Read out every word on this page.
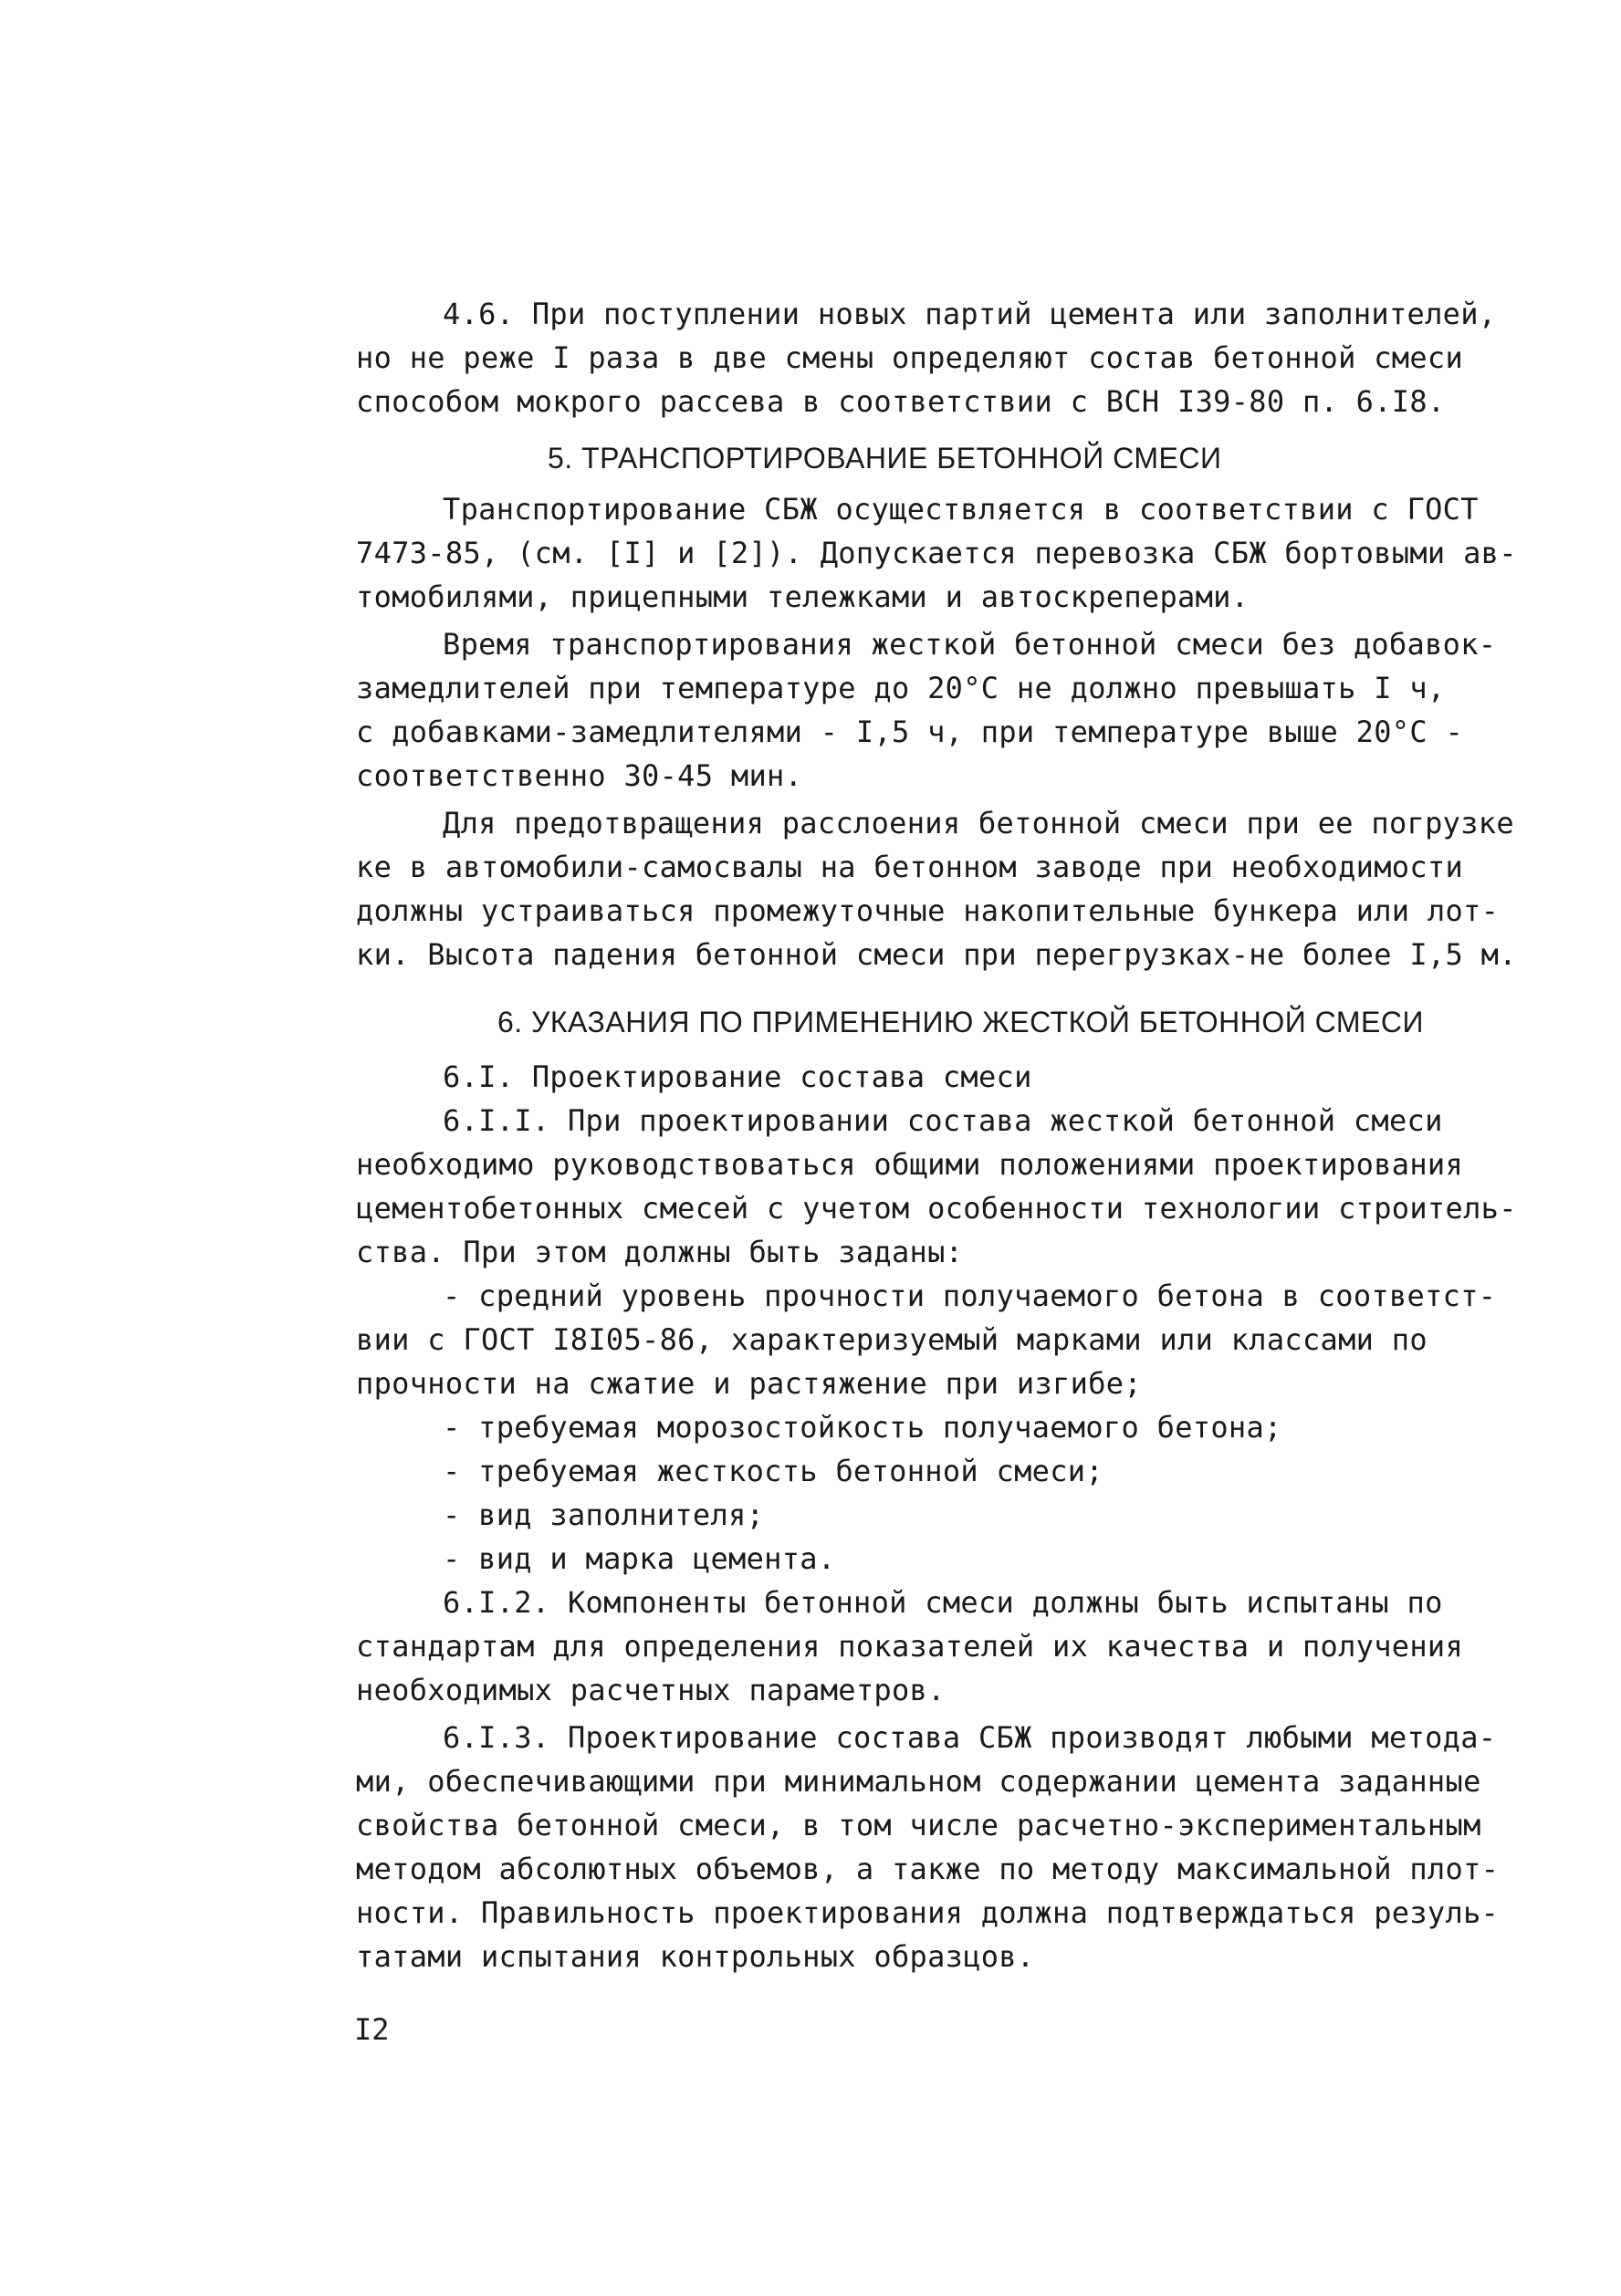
4.6. При поступлении новых партий цемента или заполнителей,
но не реже I раза в две смены определяют состав бетонной смеси
способом мокрого рассева в соответствии с ВСН I39-80 п. 6.I8.
5. ТРАНСПОРТИРОВАНИЕ БЕТОННОЙ СМЕСИ
Транспортирование СБЖ осуществляется в соответствии с ГОСТ
7473-85, (см. [I] и [2]). Допускается перевозка СБЖ бортовыми ав-
томобилями, прицепными тележками и автоскреперами.
Время транспортирования жесткой бетонной смеси без добавок-
замедлителей при температуре до 20°С не должно превышать I ч,
с добавками-замедлителями - I,5 ч, при температуре выше 20°С -
соответственно 30-45 мин.
Для предотвращения расслоения бетонной смеси при ее погрузке
ке в автомобили-самосвалы на бетонном заводе при необходимости
должны устраиваться промежуточные накопительные бункера или лот-
ки. Высота падения бетонной смеси при перегрузках-не более I,5 м.
6. УКАЗАНИЯ ПО ПРИМЕНЕНИЮ ЖЕСТКОЙ БЕТОННОЙ СМЕСИ
6.I. Проектирование состава смеси
6.I.I. При проектировании состава жесткой бетонной смеси
необходимо руководствоваться общими положениями проектирования
цементобетонных смесей с учетом особенности технологии строитель-
ства. При этом должны быть заданы:
- средний уровень прочности получаемого бетона в соответст-
вии с ГОСТ I8I05-86, характеризуемый марками или классами по
прочности на сжатие и растяжение при изгибе;
- требуемая морозостойкость получаемого бетона;
- требуемая жесткость бетонной смеси;
- вид заполнителя;
- вид и марка цемента.
6.I.2. Компоненты бетонной смеси должны быть испытаны по
стандартам для определения показателей их качества и получения
необходимых расчетных параметров.
6.I.3. Проектирование состава СБЖ производят любыми метода-
ми, обеспечивающими при минимальном содержании цемента заданные
свойства бетонной смеси, в том числе расчетно-экспериментальным
методом абсолютных объемов, а также по методу максимальной плот-
ности. Правильность проектирования должна подтверждаться резуль-
татами испытания контрольных образцов.
I2
